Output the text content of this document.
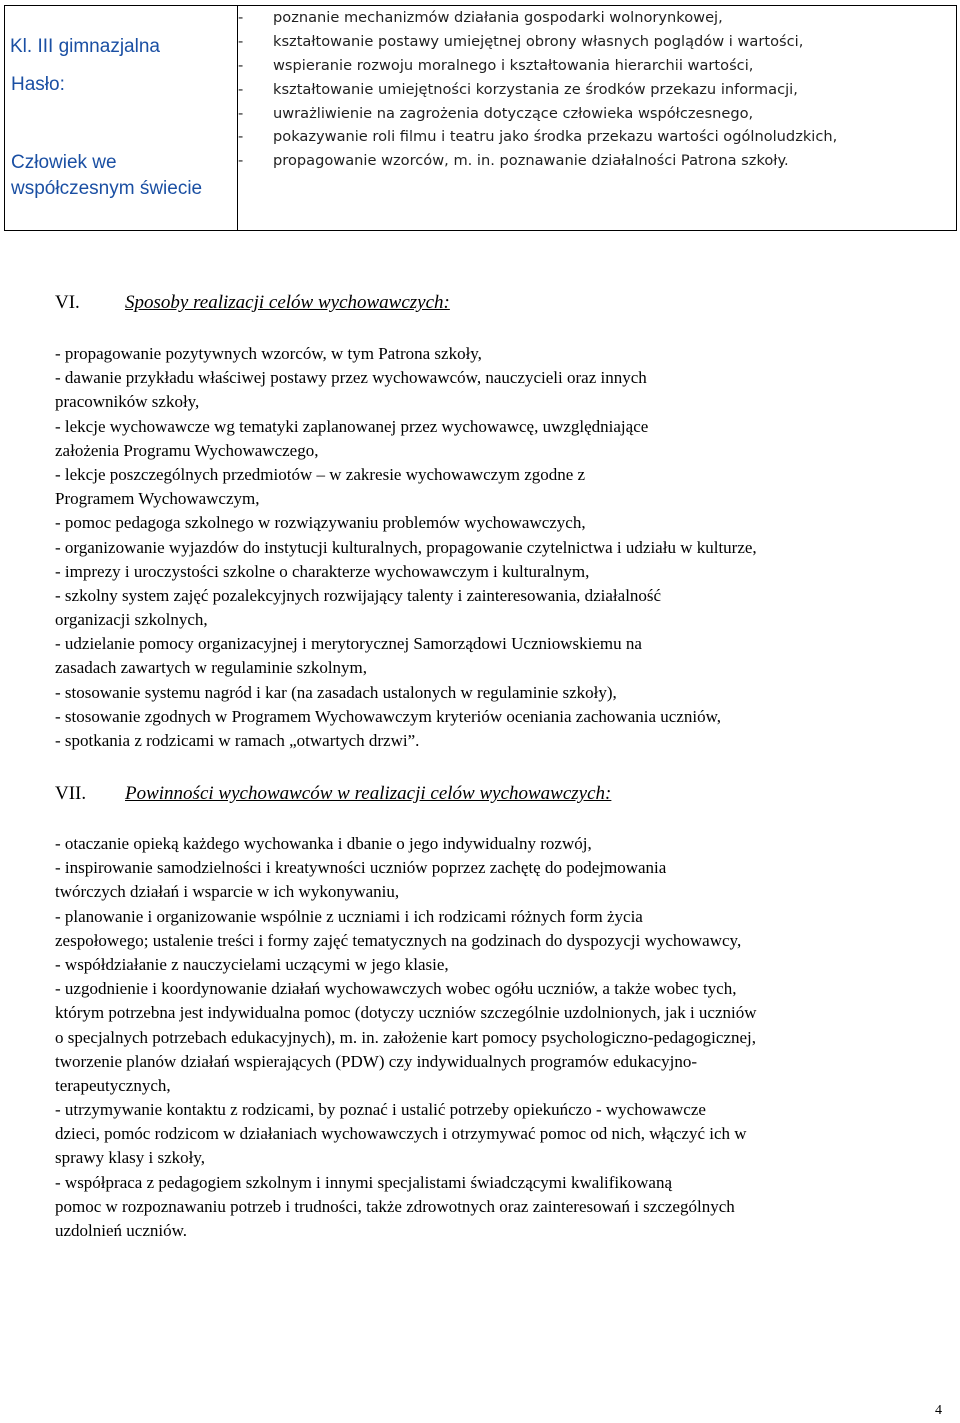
Kl. III gimnazjalna
Hasło:
Człowiek we współczesnym świecie

-	poznanie mechanizmów działania gospodarki wolnorynkowej,
-	kształtowanie postawy umiejętnej obrony własnych poglądów i wartości,
-	wspieranie rozwoju moralnego i kształtowania hierarchii wartości,
-	kształtowanie umiejętności korzystania ze środków przekazu informacji,
-	uwrażliwienie na zagrożenia dotyczące człowieka współczesnego,
-	pokazywanie roli filmu i teatru jako środka przekazu wartości ogólnoludzkich,
-	propagowanie wzorców, m. in. poznawanie działalności Patrona szkoły.
VI. Sposoby realizacji celów wychowawczych:
- propagowanie pozytywnych wzorców, w tym Patrona szkoły,
- dawanie przykładu właściwej postawy przez wychowawców, nauczycieli oraz innych
pracowników szkoły,
- lekcje wychowawcze wg tematyki zaplanowanej przez wychowawcę, uwzględniające
założenia Programu Wychowawczego,
- lekcje poszczególnych przedmiotów – w zakresie wychowawczym zgodne z
Programem Wychowawczym,
- pomoc pedagoga szkolnego w rozwiązywaniu problemów wychowawczych,
- organizowanie wyjazdów do instytucji kulturalnych, propagowanie czytelnictwa i udziału w kulturze,
- imprezy i uroczystości szkolne o charakterze wychowawczym i kulturalnym,
- szkolny system zajęć pozalekcyjnych rozwijający talenty i zainteresowania, działalność
organizacji szkolnych,
- udzielanie pomocy organizacyjnej i merytorycznej Samorządowi Uczniowskiemu na
zasadach zawartych w regulaminie szkolnym,
- stosowanie systemu nagród i kar (na zasadach ustalonych w regulaminie szkoły),
- stosowanie zgodnych w Programem Wychowawczym kryteriów oceniania zachowania uczniów,
- spotkania z rodzicami w ramach „otwartych drzwi”.
VII. Powinności wychowawców w realizacji celów wychowawczych:
- otaczanie opieką każdego wychowanka i dbanie o jego indywidualny rozwój,
- inspirowanie samodzielności i kreatywności uczniów poprzez zachętę do podejmowania
twórczych działań i wsparcie w ich wykonywaniu,
- planowanie i organizowanie wspólnie z uczniami i ich rodzicami różnych form życia
zespołowego; ustalenie treści i formy zajęć tematycznych na godzinach do dyspozycji wychowawcy,
- współdziałanie z nauczycielami uczącymi w jego klasie,
- uzgodnienie i koordynowanie działań wychowawczych wobec ogółu uczniów, a także wobec tych,
którym potrzebna jest indywidualna pomoc (dotyczy uczniów szczególnie uzdolnionych, jak i uczniów
o specjalnych potrzebach edukacyjnych), m. in. założenie kart pomocy psychologiczno-pedagogicznej,
tworzenie planów działań wspierających (PDW) czy indywidualnych programów edukacyjno-
terapeutycznych,
- utrzymywanie kontaktu z rodzicami, by poznać i ustalić potrzeby opiekuńczo - wychowawcze
dzieci, pomóc rodzicom w działaniach wychowawczych i otrzymywać pomoc od nich, włączyć ich w
sprawy klasy i szkoły,
- współpraca z pedagogiem szkolnym i innymi specjalistami świadczącymi kwalifikowaną
pomoc w rozpoznawaniu potrzeb i trudności, także zdrowotnych oraz zainteresowań i szczególnych
uzdolnień uczniów.
4
